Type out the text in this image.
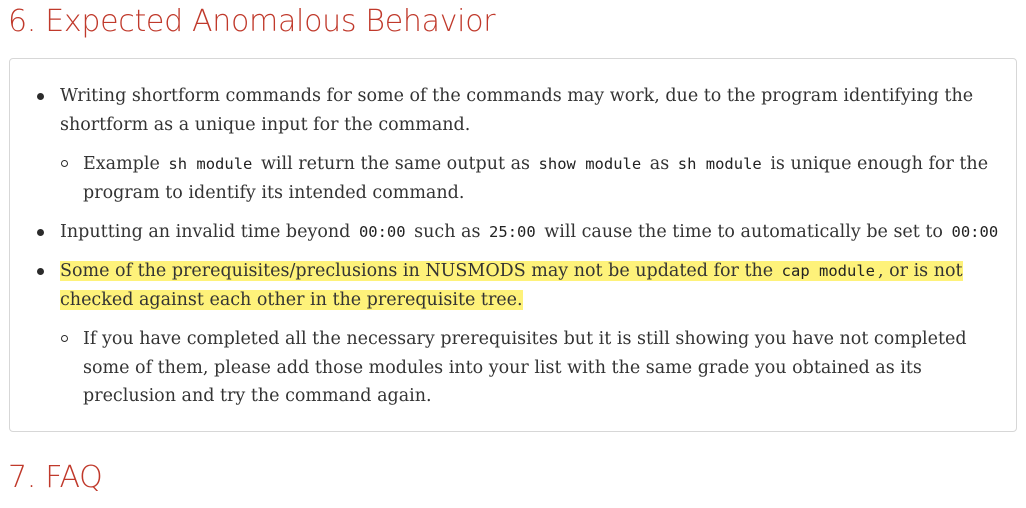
6. Expected Anomalous Behavior
Writing shortform commands for some of the commands may work, due to the program identifying the shortform as a unique input for the command.
Example sh module will return the same output as show module as sh module is unique enough for the program to identify its intended command.
Inputting an invalid time beyond 00:00 such as 25:00 will cause the time to automatically be set to 00:00
Some of the prerequisites/preclusions in NUSMODS may not be updated for the cap module , or is not checked against each other in the prerequisite tree.
If you have completed all the necessary prerequisites but it is still showing you have not completed some of them, please add those modules into your list with the same grade you obtained as its preclusion and try the command again.
7. FAQ
